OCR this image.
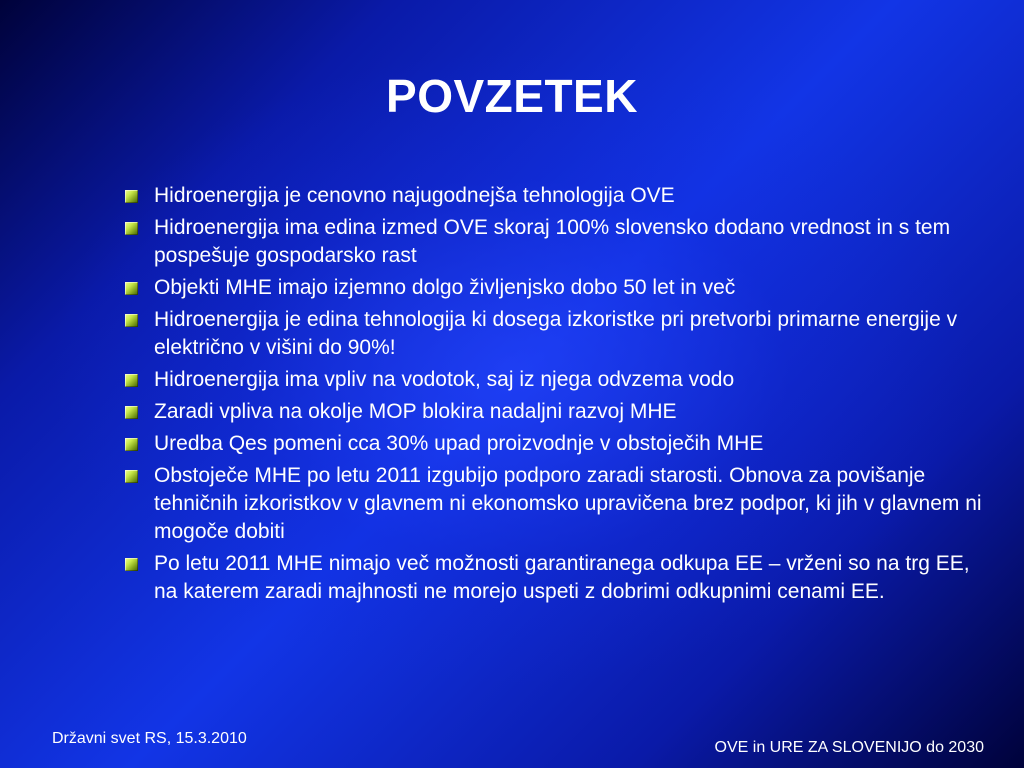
POVZETEK
Hidroenergija je cenovno najugodnejša tehnologija OVE
Hidroenergija ima edina izmed OVE skoraj 100% slovensko dodano vrednost in s tem pospešuje gospodarsko rast
Objekti MHE imajo izjemno dolgo življenjsko dobo 50 let in več
Hidroenergija je edina tehnologija ki dosega izkoristke pri pretvorbi primarne energije v električno v višini do 90%!
Hidroenergija ima vpliv na vodotok, saj iz njega odvzema vodo
Zaradi vpliva na okolje MOP blokira nadaljni razvoj MHE
Uredba Qes pomeni cca 30% upad proizvodnje v obstoječih MHE
Obstoječe MHE po letu 2011 izgubijo podporo zaradi starosti. Obnova za povišanje tehničnih izkoristkov v glavnem ni ekonomsko upravičena brez podpor, ki jih v glavnem ni mogoče dobiti
Po letu 2011 MHE nimajo več možnosti garantiranega odkupa EE – vrženi so na trg EE, na katerem zaradi majhnosti ne morejo uspeti z dobrimi odkupnimi cenami EE.
Državni svet RS, 15.3.2010
OVE in URE ZA SLOVENIJO do 2030
